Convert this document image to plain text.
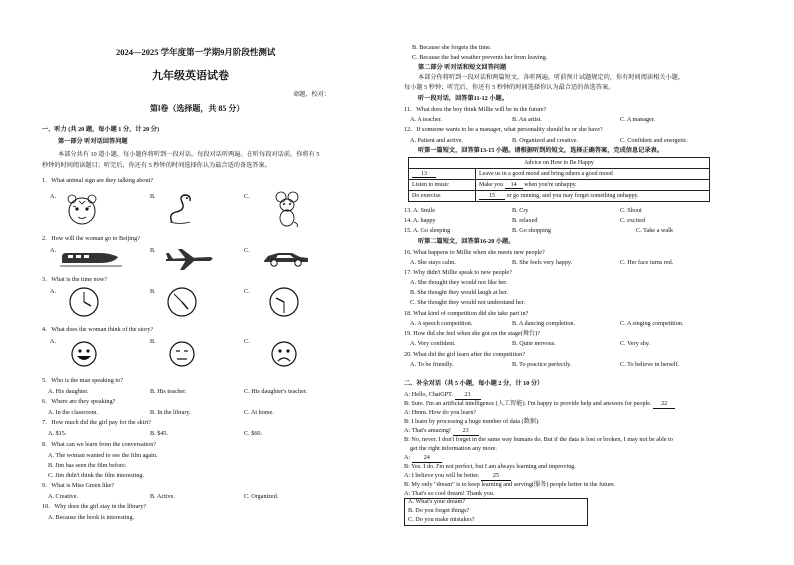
2024—2025 学年度第一学期9月阶段性测试
九年级英语试卷
命题、校对：
第Ⅰ卷（选择题，共 85 分）
一、听力 (共 20 题，每小题 1 分，计 20 分)
第一部分 听对话回答问题
本部分共有 10 道小题，每小题你将听到一段对话，每段对话听两遍。在听每段对话前，你将有 5
秒钟的时间阅读题目；听完后，你还有 5 秒钟的时间选择你认为最合适的备选答案。
1．What animal sign are they talking about?
A.	B.	C.
2．How will the woman go to Beijing?
A.	B.	C.
3．What is the time now?
A.	B.	C.
4．What does the woman think of the story?
A.	B.	C.
5．Who is the man speaking to?
A. His daughter.	B. His teacher.	C. His daughter's teacher.
6．Where are they speaking?
A. In the classroom.	B. In the library.	C. At home.
7．How much did the girl pay for the skirt?
A. $15.	B. $45.	C. $60.
8．What can we learn from the conversation?
A. The woman wanted to see the film again.
B. Jim has seen the film before.
C. Jim didn't think the film interesting.
9．What is Miss Green like?
A. Creative.	B. Active.	C. Organized.
10．Why does the girl stay in the library?
A. Because the book is interesting.
B. Because she forgets the time.
C. Because the bad weather prevents her from leaving.
第二部分 听对话和短文回答问题
本部分你将听到一段对话和两篇短文，各听两遍。听前预计试题规定的，你有时间阅读相关小题，
每小题 5 秒钟；听完后，你还有 5 秒钟的时间选择你认为最合适的备选答案。
听一段对话，回答第11-12 小题。
11．What does the boy think Millie will be in the future?
A. A teacher.	B. An artist.	C. A manager.
12．If someone wants to be a manager, what personality should he or she have?
A. Patient and active.	B. Organized and creative.	C. Confident and energetic.
听第一篇短文，回答第13-15 小题。请根据听到的短文，选择正确答案，完成信息记录表。
Advice on How to Be Happy	
13	Leave us in a good mood and bring others a good mood
Listen to music	Make you 14 when you're unhappy.
Do exercise	15 or go running, and you may forget something unhappy.
13. A. Smile	B. Cry	C. Shout
14. A. happy	B. relaxed	C. excited
15. A. Go sleeping	B. Go shopping	C. Take a walk
听第二篇短文，回答第16-20 小题。
16. What happens to Millie when she meets new people?
A. She stays calm.	B. She feels very happy.	C. Her face turns red.
17. Why didn't Millie speak to new people?
A. She thought they would not like her.
B. She thought they would laugh at her.
C. She thought they would not understand her.
18. What kind of competition did she take part in?
A. A speech competition.	B. A dancing completion.	C. A singing competition.
19. How did she feel when she got on the stage(舞台)?
A. Very confident.	B. Quite nervous.	C. Very shy.
20. What did the girl learn after the competition?
A. To be friendly.	B. To practice perfectly.	C. To believe in herself.
二、补全对话（共 5 小题，每小题 2 分，计 10 分）
A: Hello, ChatGPT. 21
B: Sure. I'm an artificial intelligence (人工智能). I'm happy to provide help and answers for people. 22
A: Hmm. How do you learn?
B: I learn by processing a huge number of data (数据).
A: That's amazing! 23
B: No, never. I don't forget in the same way humans do. But if the data is lost or broken, I may not be able to
get the right information any more.
A: 24
B: Yes. I do. I'm not perfect, but I am always learning and improving.
A: I believe you will be better. 25
B: My only "dream" is to keep learning and serving(服务) people better in the future.
A: That's so cool dream! Thank you.
A. What's your dream?
B. Do you forget things?
C. Do you make mistakes?
